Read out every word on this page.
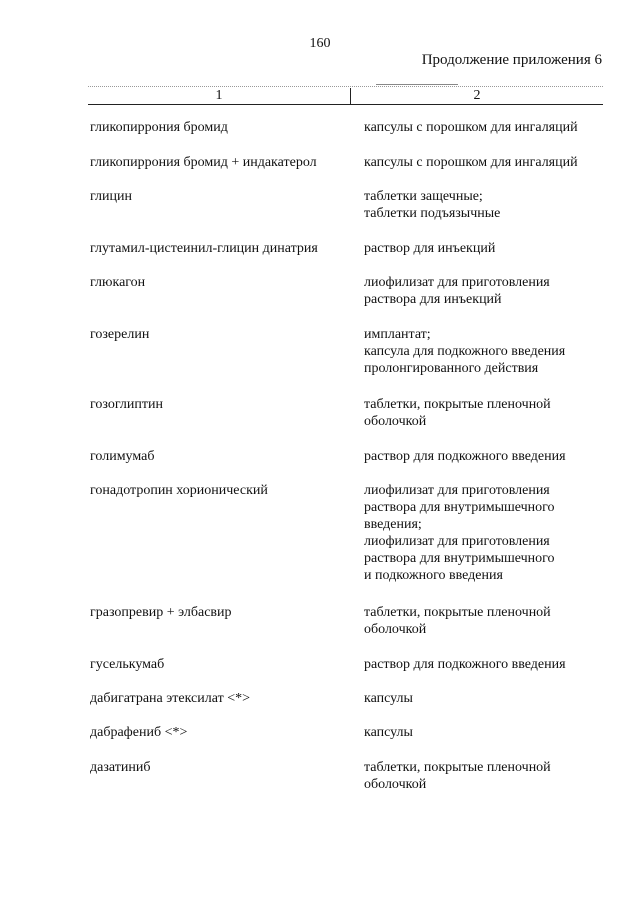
160
Продолжение приложения 6
1	2
гликопиррония бромид	капсулы с порошком для ингаляций
гликопиррония бромид + индакатерол	капсулы с порошком для ингаляций
глицин	таблетки защечные;
таблетки подъязычные
глутамил-цистеинил-глицин динатрия	раствор для инъекций
глюкагон	лиофилизат для приготовления
раствора для инъекций
гозерелин	имплантат;
капсула для подкожного введения
пролонгированного действия
гозоглиптин	таблетки, покрытые пленочной
оболочкой
голимумаб	раствор для подкожного введения
гонадотропин хорионический	лиофилизат для приготовления
раствора для внутримышечного
введения;
лиофилизат для приготовления
раствора для внутримышечного
и подкожного введения
гразопревир + элбасвир	таблетки, покрытые пленочной
оболочкой
гуселькумаб	раствор для подкожного введения
дабигатрана этексилат <*>	капсулы
дабрафениб <*>	капсулы
дазатиниб	таблетки, покрытые пленочной
оболочкой
